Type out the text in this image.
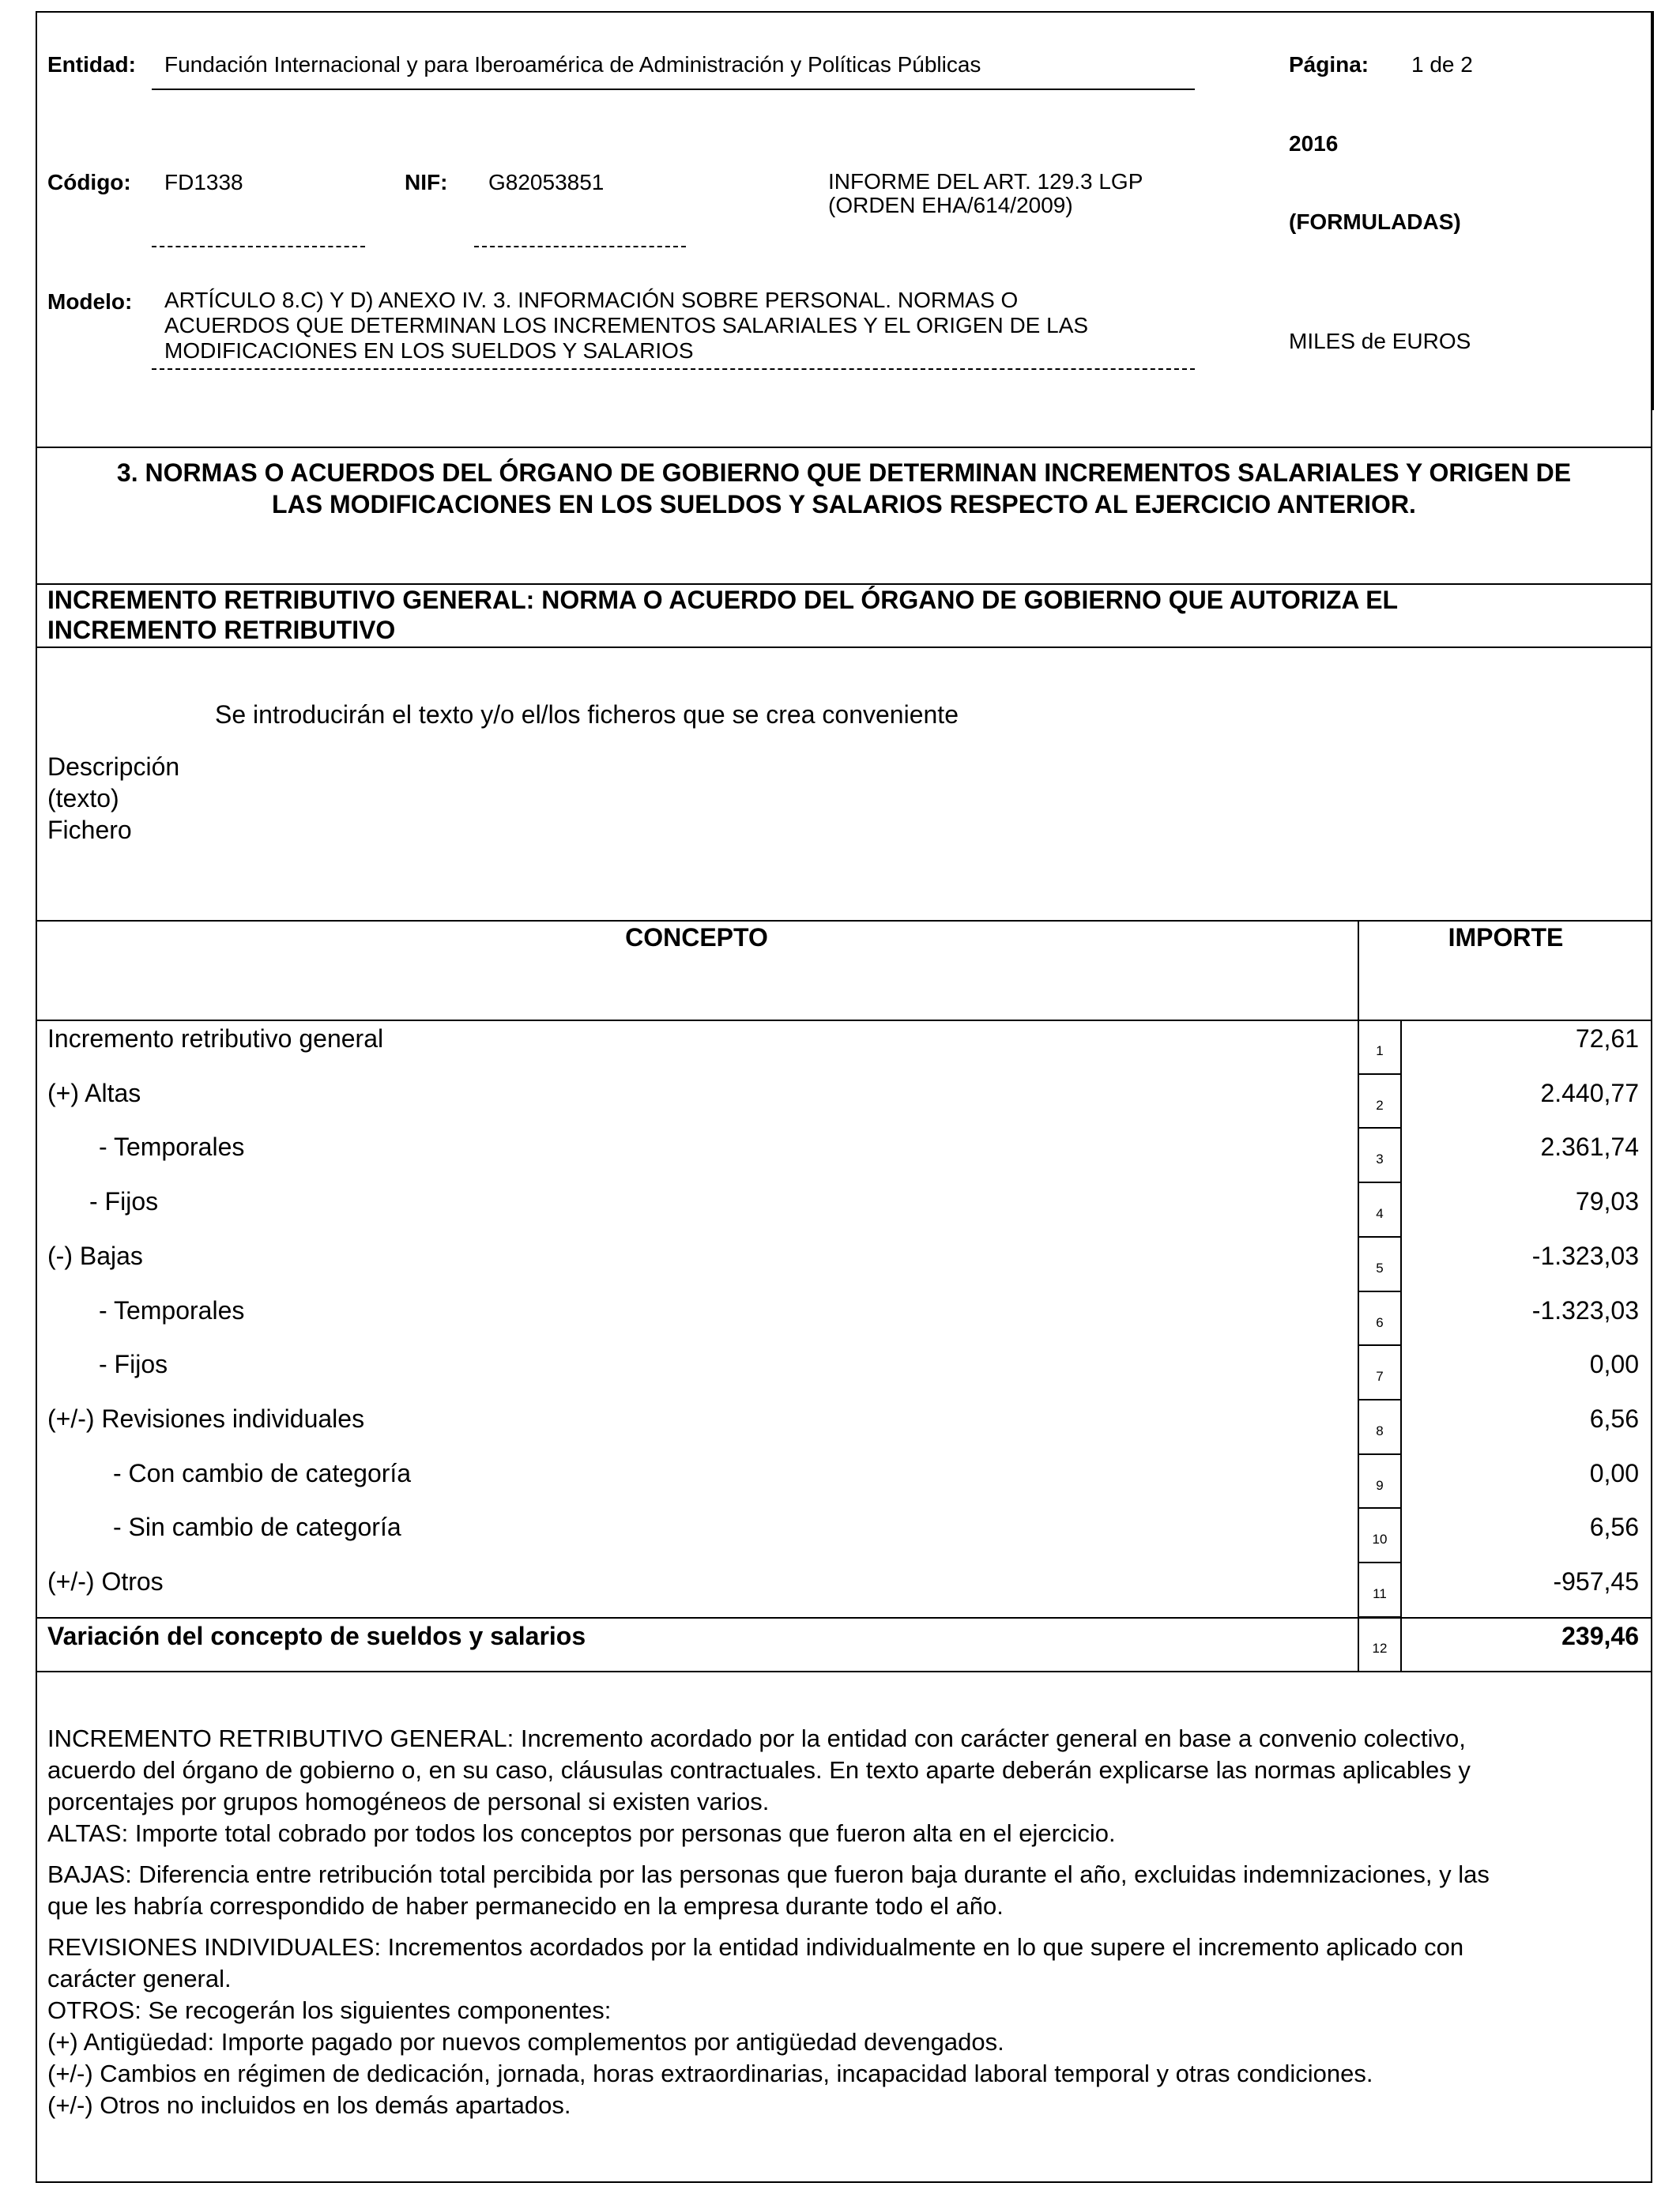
Entidad: Fundación Internacional y para Iberoamérica de Administración y Políticas Públicas	Página: 1 de 2
2016
Código: FD1338	NIF: G82053851	INFORME DEL ART. 129.3 LGP
(ORDEN EHA/614/2009)
(FORMULADAS)
Modelo: ARTÍCULO 8.C) Y D) ANEXO IV. 3. INFORMACIÓN SOBRE PERSONAL. NORMAS O
ACUERDOS QUE DETERMINAN LOS INCREMENTOS SALARIALES Y EL ORIGEN DE LAS
MODIFICACIONES EN LOS SUELDOS Y SALARIOS	MILES de EUROS
3. NORMAS O ACUERDOS DEL ÓRGANO DE GOBIERNO QUE DETERMINAN INCREMENTOS SALARIALES Y ORIGEN DE
LAS MODIFICACIONES EN LOS SUELDOS Y SALARIOS RESPECTO AL EJERCICIO ANTERIOR.
INCREMENTO RETRIBUTIVO GENERAL: NORMA O ACUERDO DEL ÓRGANO DE GOBIERNO QUE AUTORIZA EL
INCREMENTO RETRIBUTIVO
Se introducirán el texto y/o el/los ficheros que se crea conveniente
Descripción
(texto)
Fichero
CONCEPTO	IMPORTE
Incremento retributivo general	1	72,61
(+) Altas	2	2.440,77
- Temporales	3	2.361,74
- Fijos	4	79,03
(-) Bajas	5	-1.323,03
- Temporales	6	-1.323,03
- Fijos	7	0,00
(+/-) Revisiones individuales	8	6,56
- Con cambio de categoría	9	0,00
- Sin cambio de categoría	10	6,56
(+/-) Otros	11	-957,45
Variación del concepto de sueldos y salarios	12	239,46

INCREMENTO RETRIBUTIVO GENERAL: Incremento acordado por la entidad con carácter general en base a convenio colectivo,

acuerdo del órgano de gobierno o, en su caso, cláusulas contractuales. En texto aparte deberán explicarse las normas aplicables y

porcentajes por grupos homogéneos de personal si existen varios.

ALTAS: Importe total cobrado por todos los conceptos por personas que fueron alta en el ejercicio.

BAJAS: Diferencia entre retribución total percibida por las personas que fueron baja durante el año, excluidas indemnizaciones, y las

que les habría correspondido de haber permanecido en la empresa durante todo el año.

REVISIONES INDIVIDUALES: Incrementos acordados por la entidad individualmente en lo que supere el incremento aplicado con

carácter general.

OTROS: Se recogerán los siguientes componentes:

(+) Antigüedad: Importe pagado por nuevos complementos por antigüedad devengados.

(+/-) Cambios en régimen de dedicación, jornada, horas extraordinarias, incapacidad laboral temporal y otras condiciones.

(+/-) Otros no incluidos en los demás apartados.
